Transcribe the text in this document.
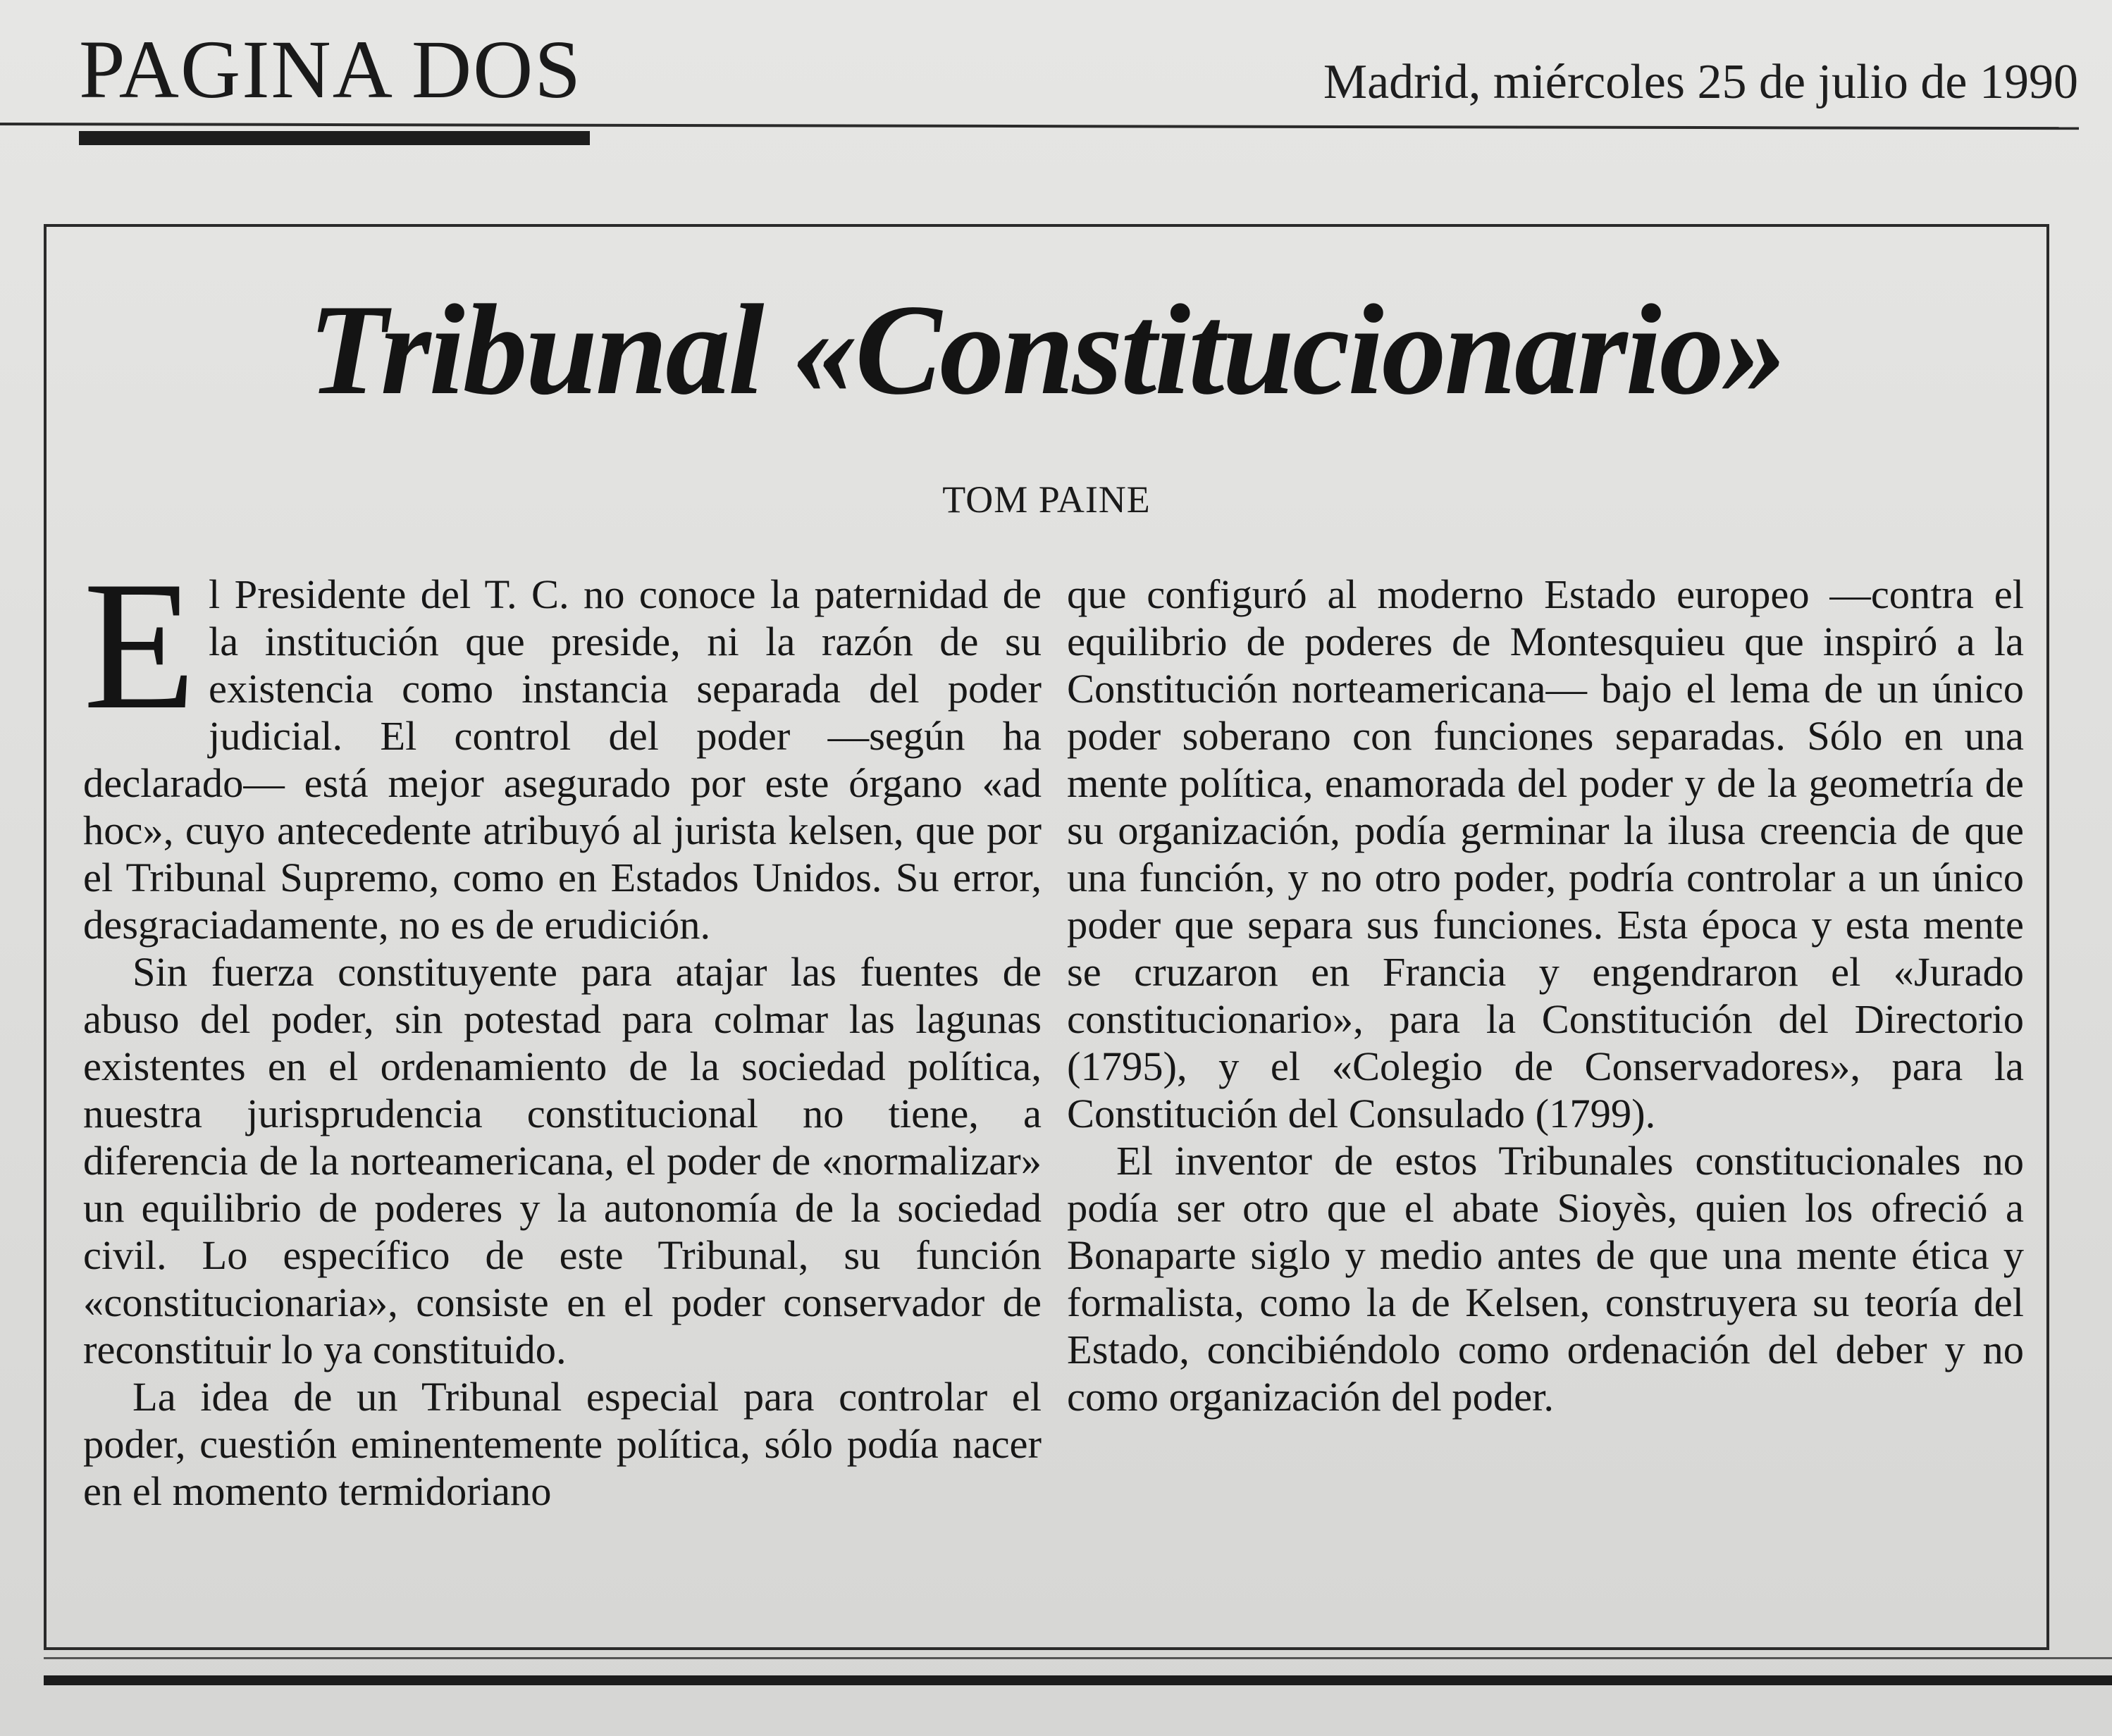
PAGINA DOS	Madrid, miércoles 25 de julio de 1990
Tribunal «Constitucionario»
TOM PAINE

El Presidente del T. C. no conoce la paternidad de la institución que preside, ni la razón de su existencia como instancia separada del poder judicial. El control del poder —según ha declarado— está mejor asegurado por este órgano «ad hoc», cuyo antecedente atribuyó al jurista kelsen, que por el Tribunal Supremo, como en Estados Unidos. Su error, desgraciadamente, no es de erudición.

Sin fuerza constituyente para atajar las fuentes de abuso del poder, sin potestad para colmar las lagunas existentes en el ordenamiento de la sociedad política, nuestra jurisprudencia constitucional no tiene, a diferencia de la norteamericana, el poder de «normalizar» un equilibrio de poderes y la autonomía de la sociedad civil. Lo específico de este Tribunal, su función «constitucionaria», consiste en el poder conservador de reconstituir lo ya constituido.

La idea de un Tribunal especial para controlar el poder, cuestión eminentemente política, sólo podía nacer en el momento termidoriano

que configuró al moderno Estado europeo —contra el equilibrio de poderes de Montesquieu que inspiró a la Constitución norteamericana— bajo el lema de un único poder soberano con funciones separadas. Sólo en una mente política, enamorada del poder y de la geometría de su organización, podía germinar la ilusa creencia de que una función, y no otro poder, podría controlar a un único poder que separa sus funciones. Esta época y esta mente se cruzaron en Francia y engendraron el «Jurado constitucionario», para la Constitución del Directorio (1795), y el «Colegio de Conservadores», para la Constitución del Consulado (1799).

El inventor de estos Tribunales constitucionales no podía ser otro que el abate Sioyès, quien los ofreció a Bonaparte siglo y medio antes de que una mente ética y formalista, como la de Kelsen, construyera su teoría del Estado, concibiéndolo como ordenación del deber y no como organización del poder.
